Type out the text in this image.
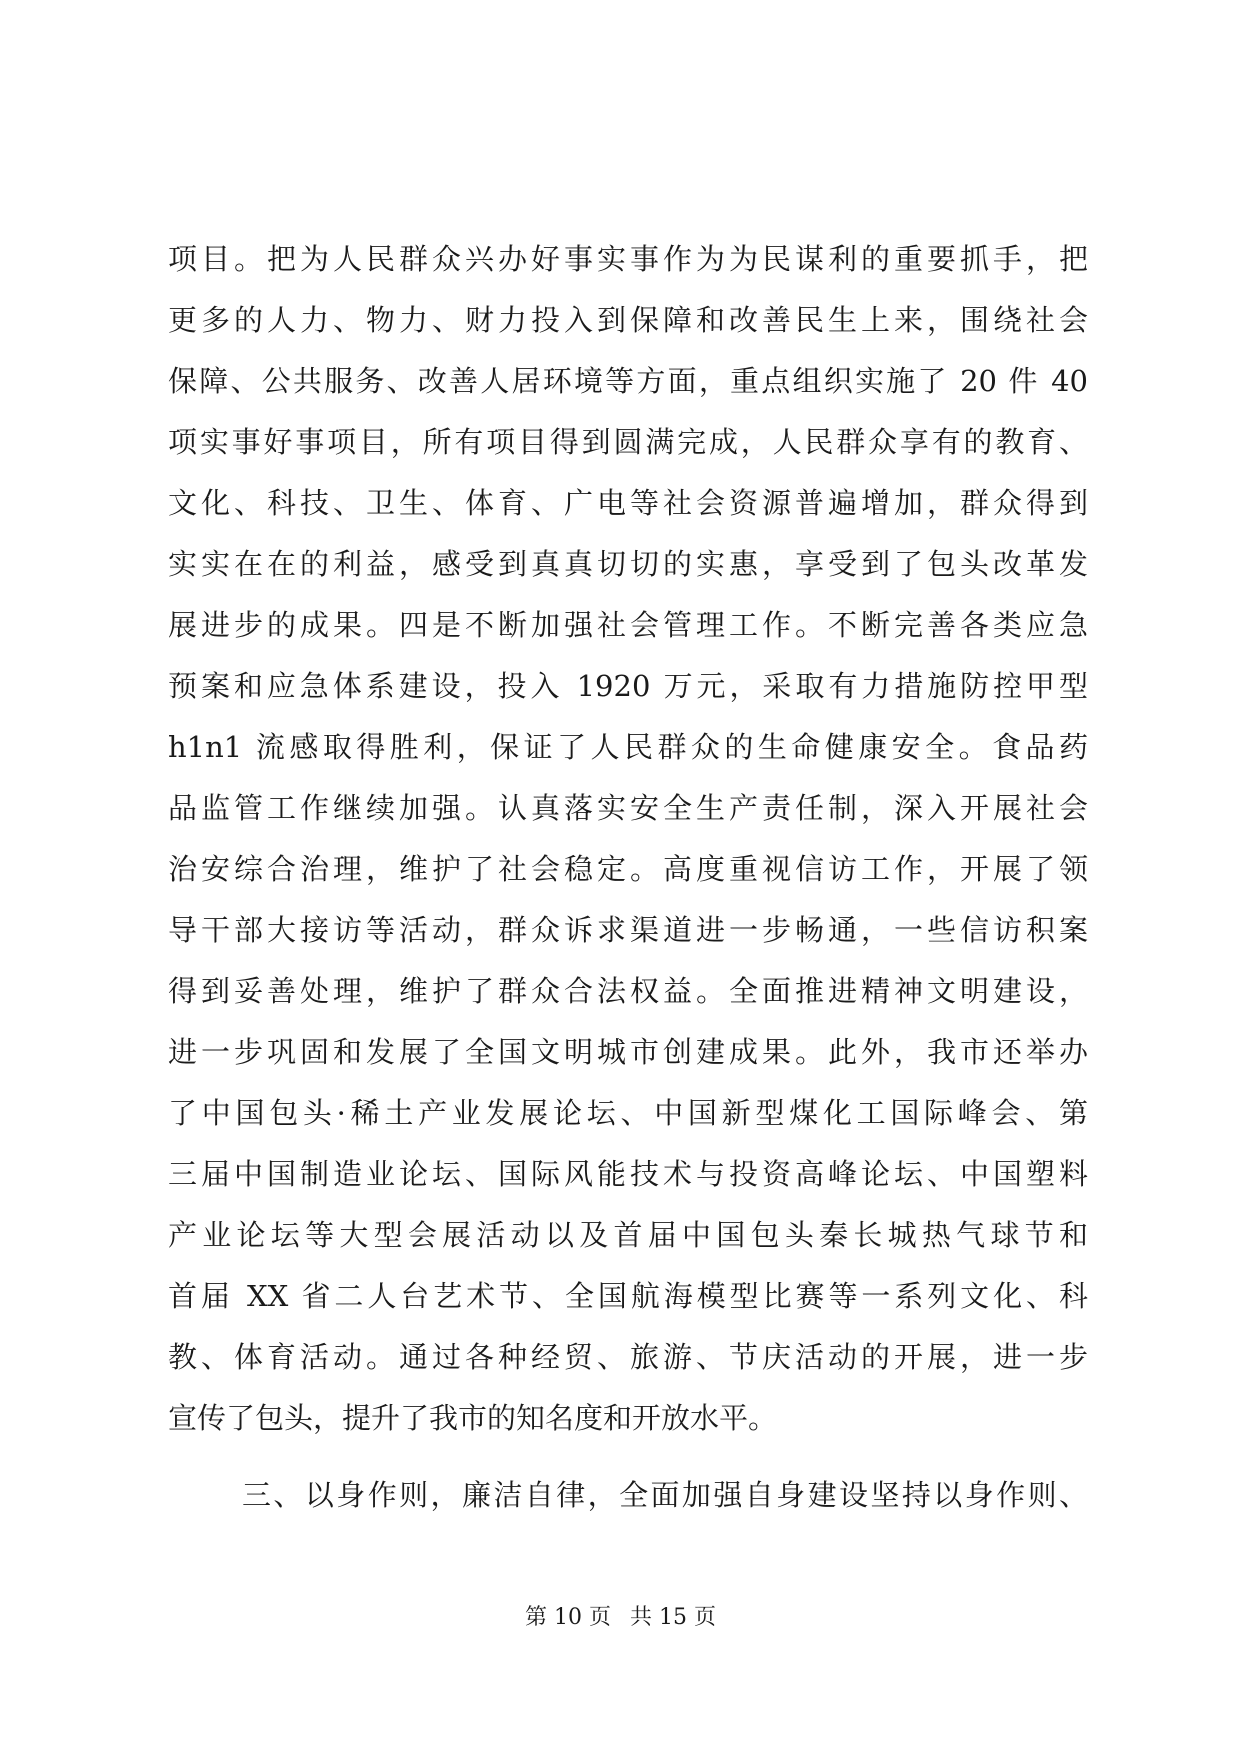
项目。把为人民群众兴办好事实事作为为民谋利的重要抓手，把
更多的人力、物力、财力投入到保障和改善民生上来，围绕社会
保障、公共服务、改善人居环境等方面，重点组织实施了 20 件 40
项实事好事项目，所有项目得到圆满完成，人民群众享有的教育、
文化、科技、卫生、体育、广电等社会资源普遍增加，群众得到
实实在在的利益，感受到真真切切的实惠，享受到了包头改革发
展进步的成果。四是不断加强社会管理工作。不断完善各类应急
预案和应急体系建设，投入 1920 万元，采取有力措施防控甲型
h1n1 流感取得胜利，保证了人民群众的生命健康安全。食品药
品监管工作继续加强。认真落实安全生产责任制，深入开展社会
治安综合治理，维护了社会稳定。高度重视信访工作，开展了领
导干部大接访等活动，群众诉求渠道进一步畅通，一些信访积案
得到妥善处理，维护了群众合法权益。全面推进精神文明建设，
进一步巩固和发展了全国文明城市创建成果。此外，我市还举办
了中国包头·稀土产业发展论坛、中国新型煤化工国际峰会、第
三届中国制造业论坛、国际风能技术与投资高峰论坛、中国塑料
产业论坛等大型会展活动以及首届中国包头秦长城热气球节和
首届 XX 省二人台艺术节、全国航海模型比赛等一系列文化、科
教、体育活动。通过各种经贸、旅游、节庆活动的开展，进一步
宣传了包头，提升了我市的知名度和开放水平。
三、以身作则，廉洁自律，全面加强自身建设坚持以身作则、
第 10 页 共 15 页
